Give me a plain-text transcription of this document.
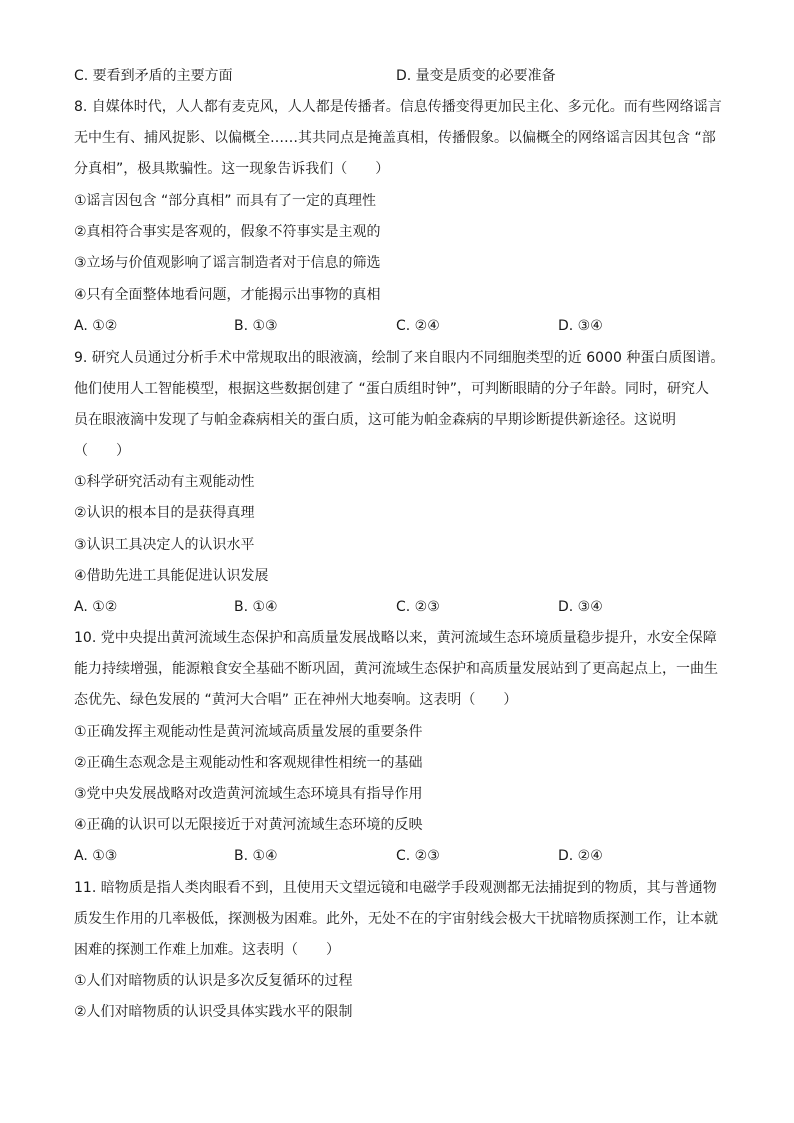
C. 要看到矛盾的主要方面	D. 量变是质变的必要准备
8. 自媒体时代，人人都有麦克风，人人都是传播者。信息传播变得更加民主化、多元化。而有些网络谣言
无中生有、捕风捉影、以偏概全……其共同点是掩盖真相，传播假象。以偏概全的网络谣言因其包含 “部
分真相”，极具欺骗性。这一现象告诉我们（　　）
①谣言因包含 “部分真相” 而具有了一定的真理性
②真相符合事实是客观的，假象不符事实是主观的
③立场与价值观影响了谣言制造者对于信息的筛选
④只有全面整体地看问题，才能揭示出事物的真相
A. ①②	B. ①③	C. ②④	D. ③④
9. 研究人员通过分析手术中常规取出的眼液滴，绘制了来自眼内不同细胞类型的近 6000 种蛋白质图谱。
他们使用人工智能模型，根据这些数据创建了 “蛋白质组时钟”，可判断眼睛的分子年龄。同时，研究人
员在眼液滴中发现了与帕金森病相关的蛋白质，这可能为帕金森病的早期诊断提供新途径。这说明
（　　）
①科学研究活动有主观能动性
②认识的根本目的是获得真理
③认识工具决定人的认识水平
④借助先进工具能促进认识发展
A. ①②	B. ①④	C. ②③	D. ③④
10. 党中央提出黄河流域生态保护和高质量发展战略以来，黄河流域生态环境质量稳步提升，水安全保障
能力持续增强，能源粮食安全基础不断巩固，黄河流域生态保护和高质量发展站到了更高起点上，一曲生
态优先、绿色发展的 “黄河大合唱” 正在神州大地奏响。这表明（　　）
①正确发挥主观能动性是黄河流域高质量发展的重要条件
②正确生态观念是主观能动性和客观规律性相统一的基础
③党中央发展战略对改造黄河流域生态环境具有指导作用
④正确的认识可以无限接近于对黄河流域生态环境的反映
A. ①③	B. ①④	C. ②③	D. ②④
11. 暗物质是指人类肉眼看不到，且使用天文望远镜和电磁学手段观测都无法捕捉到的物质，其与普通物
质发生作用的几率极低，探测极为困难。此外，无处不在的宇宙射线会极大干扰暗物质探测工作，让本就
困难的探测工作难上加难。这表明（　　）
①人们对暗物质的认识是多次反复循环的过程
②人们对暗物质的认识受具体实践水平的限制
